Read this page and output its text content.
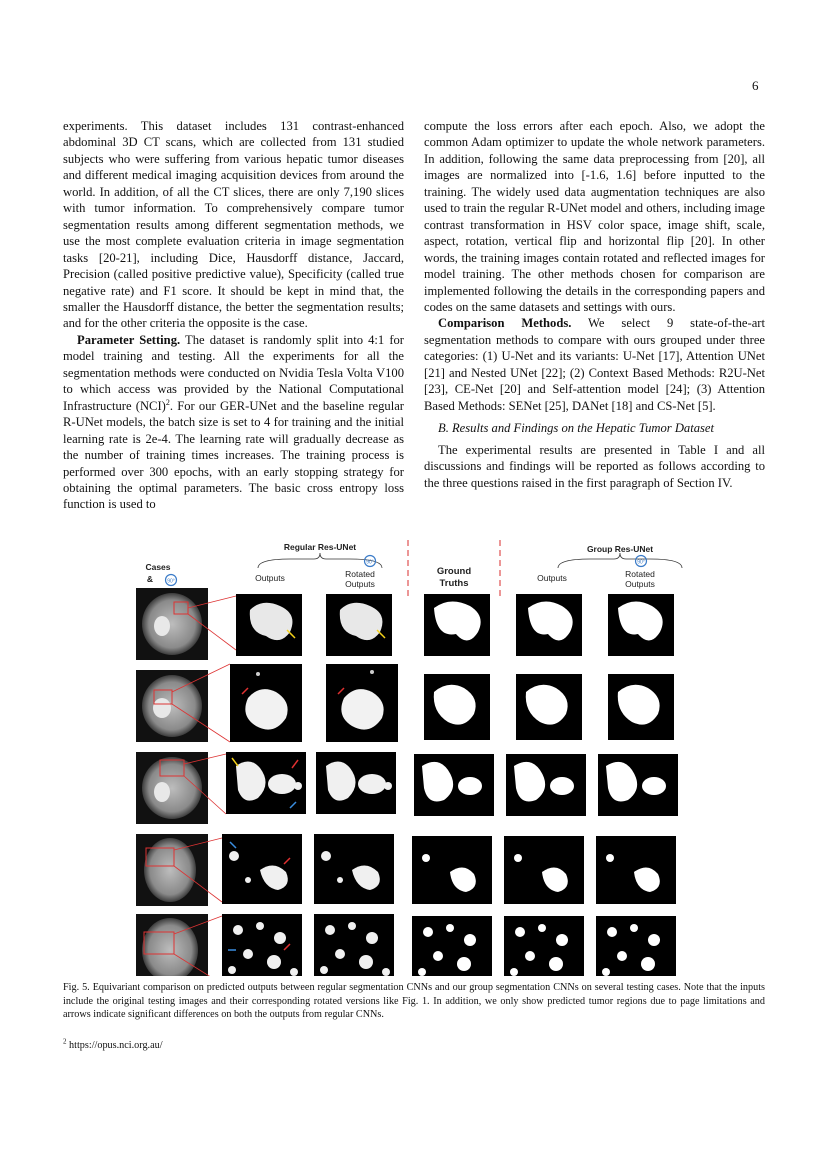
6

experiments. This dataset includes 131 contrast-enhanced abdominal 3D CT scans, which are collected from 131 studied subjects who were suffering from various hepatic tumor diseases and different medical imaging acquisition devices from around the world. In addition, of all the CT slices, there are only 7,190 slices with tumor information. To comprehensively compare tumor segmentation results among different segmentation methods, we use the most complete evaluation criteria in image segmentation tasks [20-21], including Dice, Hausdorff distance, Jaccard, Precision (called positive predictive value), Specificity (called true negative rate) and F1 score. It should be kept in mind that, the smaller the Hausdorff distance, the better the segmentation results; and for the other criteria the opposite is the case.

Parameter Setting. The dataset is randomly split into 4:1 for model training and testing. All the experiments for all the segmentation methods were conducted on Nvidia Tesla Volta V100 to which access was provided by the National Computational Infrastructure (NCI)$^2$. For our GER-UNet and the baseline regular R-UNet models, the batch size is set to 4 for training and the initial learning rate is 2e-4. The learning rate will gradually decrease as the number of training times increases. The training process is performed over 300 epochs, with an early stopping strategy for obtaining the optimal parameters. The basic cross entropy loss function is used to

compute the loss errors after each epoch. Also, we adopt the common Adam optimizer to update the whole network parameters. In addition, following the same data preprocessing from [20], all images are normalized into [-1.6, 1.6] before inputted to the training. The widely used data augmentation techniques are also used to train the regular R-UNet model and others, including image contrast transformation in HSV color space, image shift, scale, aspect, rotation, vertical flip and horizontal flip [20]. In other words, the training images contain rotated and reflected images for model training. The other methods chosen for comparison are implemented following the details in the corresponding papers and codes on the same datasets and settings with ours.

Comparison Methods. We select 9 state-of-the-art segmentation methods to compare with ours grouped under three categories: (1) U-Net and its variants: U-Net [17], Attention UNet [21] and Nested UNet [22]; (2) Context Based Methods: R2U-Net [23], CE-Net [20] and Self-attention model [24]; (3) Attention Based Methods: SENet [25], DANet [18] and CS-Net [5].

B. Results and Findings on the Hepatic Tumor Dataset

The experimental results are presented in Table I and all discussions and findings will be reported as follows according to the three questions raised in the first paragraph of Section IV.

Cases
&	90°
Regular Res-UNet
Outputs
90°
Rotated
Outputs
Ground
Truths
Group Res-UNet
Outputs
90°
Rotated
Outputs
Fig. 5. Equivariant comparison on predicted outputs between regular segmentation CNNs and our group segmentation CNNs on several testing cases. Note that the inputs include the original testing images and their corresponding rotated versions like Fig. 1. In addition, we only show predicted tumor regions due to page limitations and arrows indicate significant differences on both the outputs from regular CNNs.
$^2$ https://opus.nci.org.au/
